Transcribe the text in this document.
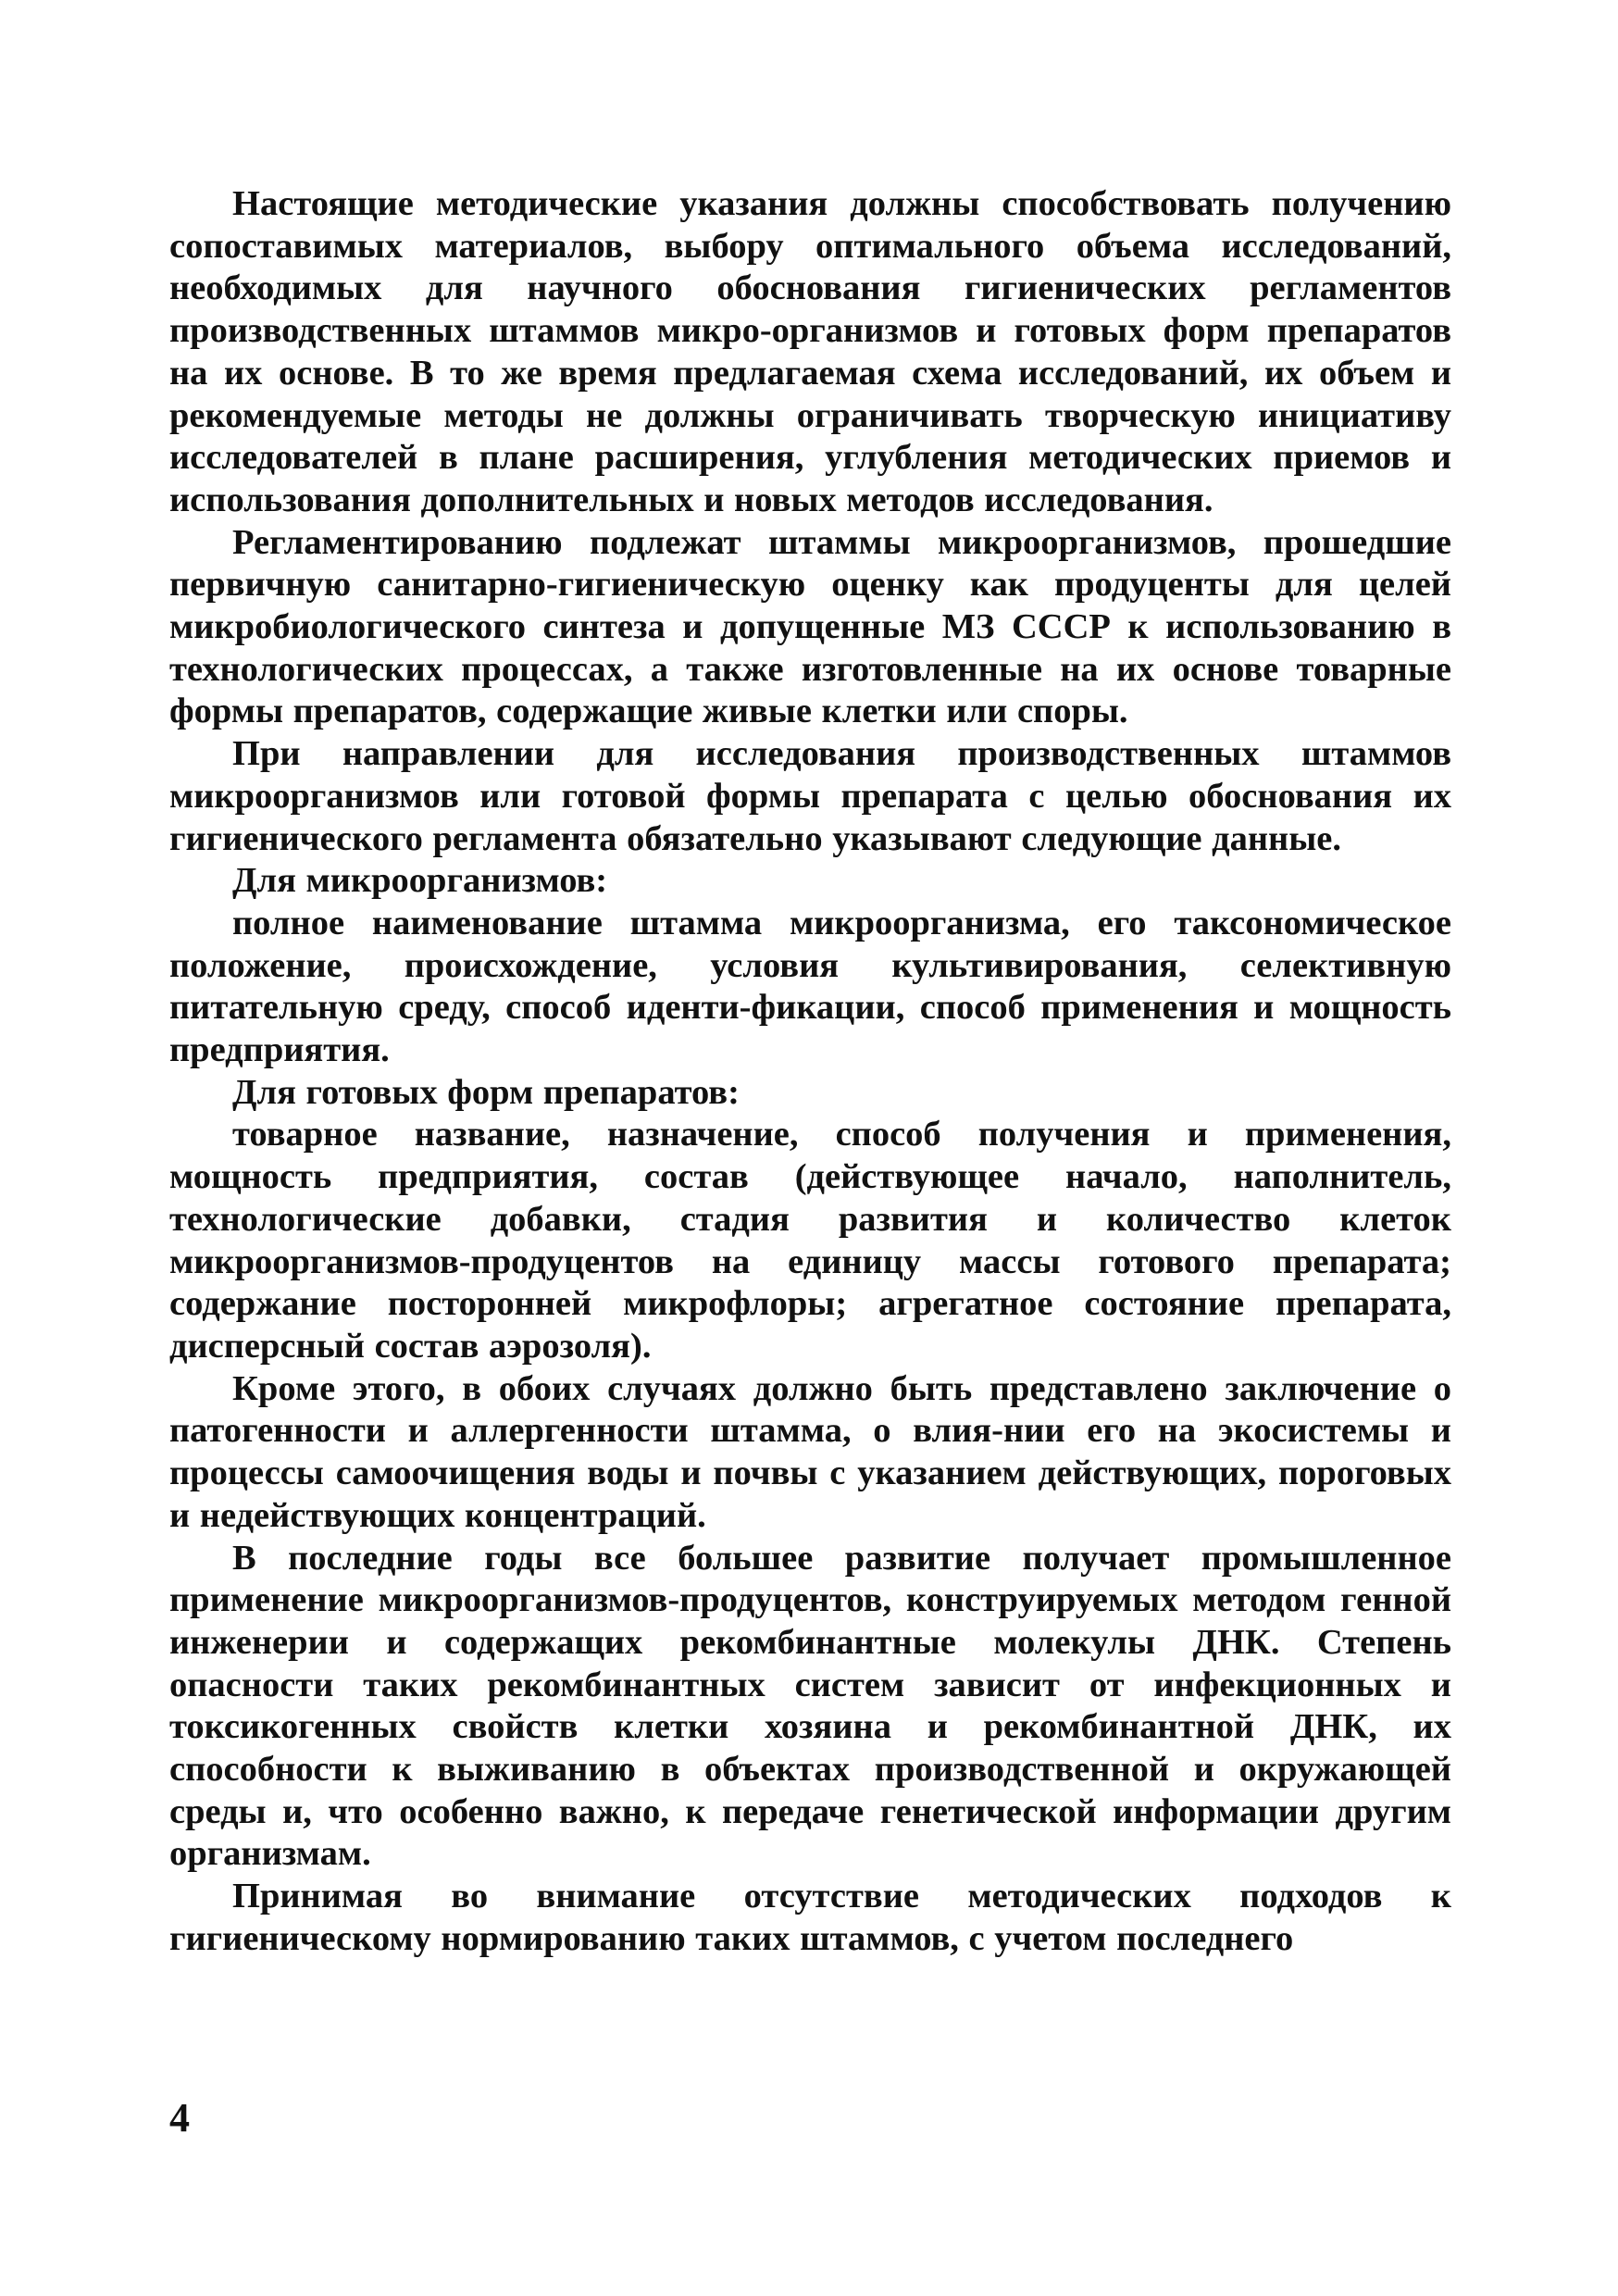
Настоящие методические указания должны способствовать получению сопоставимых материалов, выбору оптимального объема исследований, необходимых для научного обоснования гигиенических регламентов производственных штаммов микро-организмов и готовых форм препаратов на их основе. В то же время предлагаемая схема исследований, их объем и рекомендуемые методы не должны ограничивать творческую инициативу исследователей в плане расширения, углубления методических приемов и использования дополнительных и новых методов исследования.

Регламентированию подлежат штаммы микроорганизмов, прошедшие первичную санитарно-гигиеническую оценку как продуценты для целей микробиологического синтеза и допущенные МЗ СССР к использованию в технологических процессах, а также изготовленные на их основе товарные формы препаратов, содержащие живые клетки или споры.

При направлении для исследования производственных штаммов микроорганизмов или готовой формы препарата с целью обоснования их гигиенического регламента обязательно указывают следующие данные.

Для микроорганизмов:

полное наименование штамма микроорганизма, его таксономическое положение, происхождение, условия культивирования, селективную питательную среду, способ иденти-фикации, способ применения и мощность предприятия.

Для готовых форм препаратов:

товарное название, назначение, способ получения и применения, мощность предприятия, состав (действующее начало, наполнитель, технологические добавки, стадия развития и количество клеток микроорганизмов-продуцентов на единицу массы готового препарата; содержание посторонней микрофлоры; агрегатное состояние препарата, дисперсный состав аэрозоля).

Кроме этого, в обоих случаях должно быть представлено заключение о патогенности и аллергенности штамма, о влия-нии его на экосистемы и процессы самоочищения воды и почвы с указанием действующих, пороговых и недействующих концентраций.

В последние годы все большее развитие получает промышленное применение микроорганизмов-продуцентов, конструируемых методом генной инженерии и содержащих рекомбинантные молекулы ДНК. Степень опасности таких рекомбинантных систем зависит от инфекционных и токсикогенных свойств клетки хозяина и рекомбинантной ДНК, их способности к выживанию в объектах производственной и окружающей среды и, что особенно важно, к передаче генетической информации другим организмам.

Принимая во внимание отсутствие методических подходов к гигиеническому нормированию таких штаммов, с учетом последнего

4
